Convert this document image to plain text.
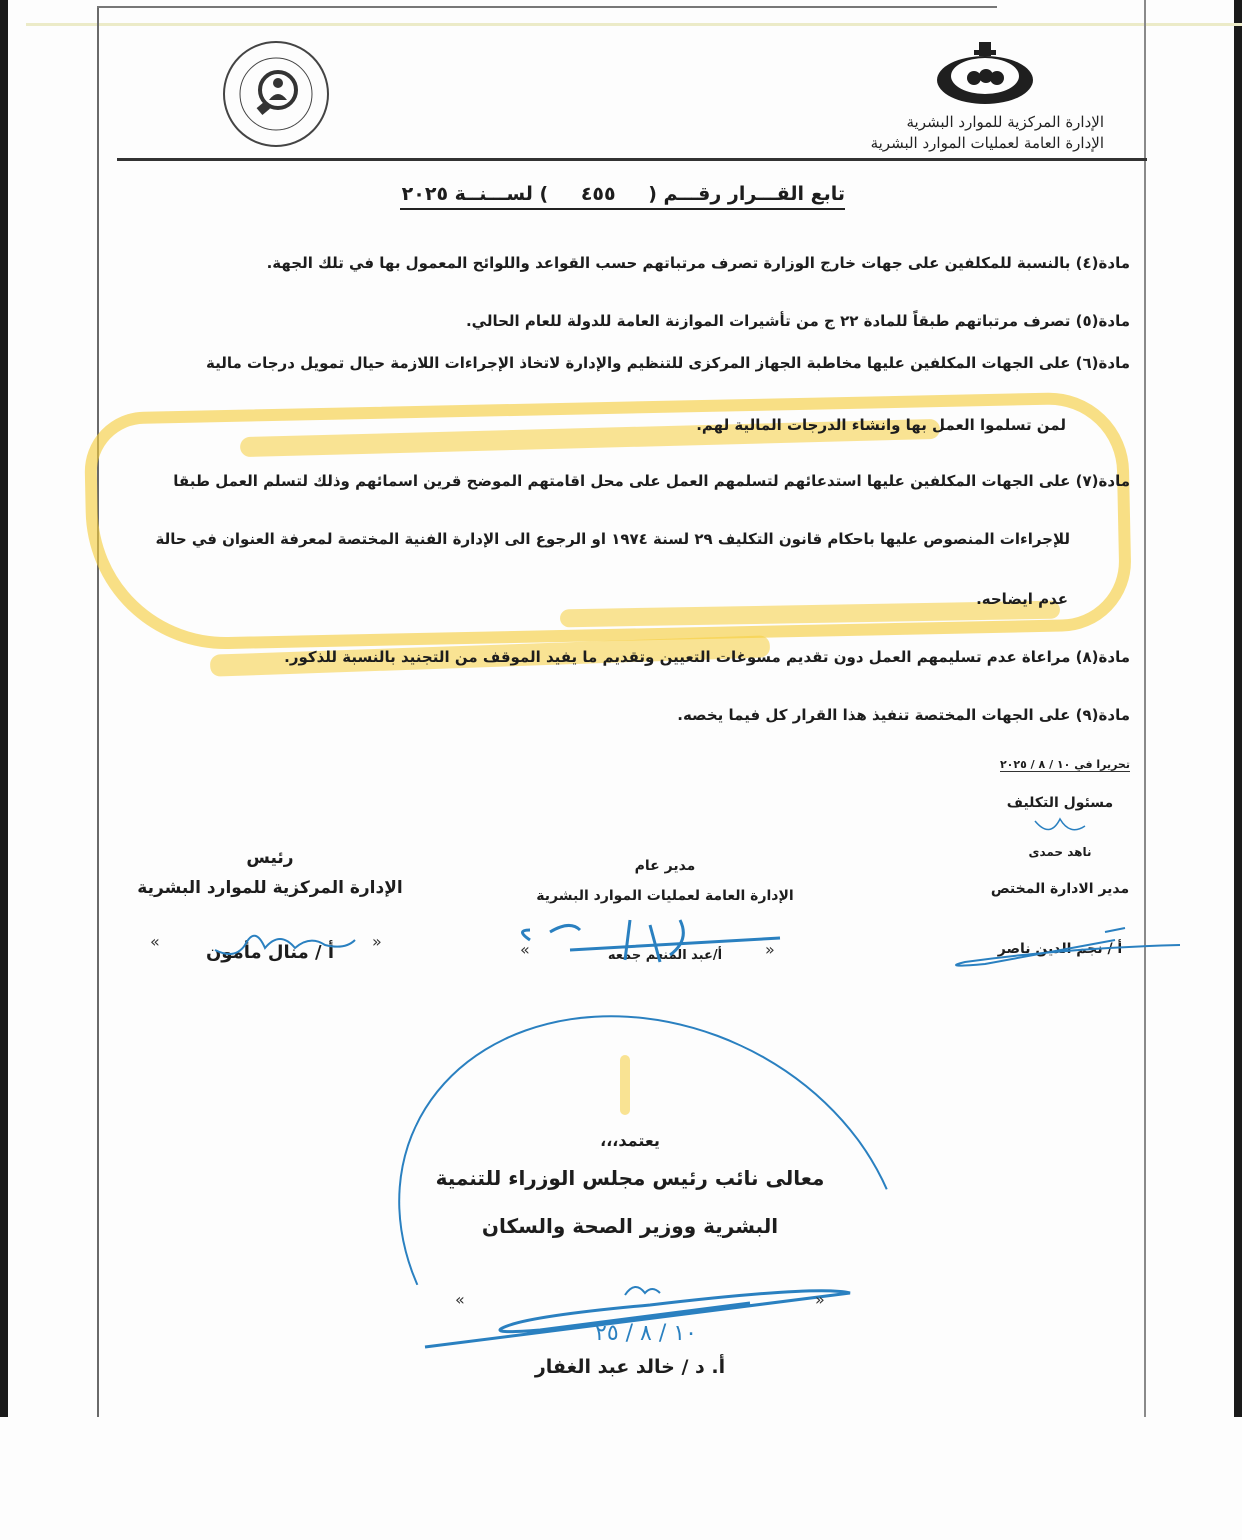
الإدارة المركزية للموارد البشرية
الإدارة العامة لعمليات الموارد البشرية
تابع القـــرار رقـــم ( ٤٥٥ ) لســـنــة ٢٠٢٥
مادة(٤) بالنسبة للمكلفين على جهات خارج الوزارة تصرف مرتباتهم حسب القواعد واللوائح المعمول بها في تلك الجهة.
مادة(٥) تصرف مرتباتهم طبقاً للمادة ٢٢ ج من تأشيرات الموازنة العامة للدولة للعام الحالي.
مادة(٦) على الجهات المكلفين عليها مخاطبة الجهاز المركزى للتنظيم والإدارة لاتخاذ الإجراءات اللازمة حيال تمويل درجات مالية
لمن تسلموا العمل بها وانشاء الدرجات المالية لهم.
مادة(٧) على الجهات المكلفين عليها استدعائهم لتسلمهم العمل على محل اقامتهم الموضح قرين اسمائهم وذلك لتسلم العمل طبقا
للإجراءات المنصوص عليها باحكام قانون التكليف ٢٩ لسنة ١٩٧٤ او الرجوع الى الإدارة الفنية المختصة لمعرفة العنوان في حالة
عدم ايضاحه.
مادة(٨) مراعاة عدم تسليمهم العمل دون تقديم مسوغات التعيين وتقديم ما يفيد الموقف من التجنيد بالنسبة للذكور.
مادة(٩) على الجهات المختصة تنفيذ هذا القرار كل فيما يخصه.
تحريرا في ١٠ / ٨ / ٢٠٢٥
مسئول التكليف
ناهد حمدى
مدير الادارة المختص
أ / نجم الدين ناصر
مدير عام
الإدارة العامة لعمليات الموارد البشرية
أ/عبد المنعم جمعه
«	»
رئيس
الإدارة المركزية للموارد البشرية
أ / منال مأمون
«	»
يعتمد،،،
معالى نائب رئيس مجلس الوزراء للتنمية
البشرية ووزير الصحة والسكان
١٠ / ٨ / ٢٥
«	»
أ. د / خالد عبد الغفار
